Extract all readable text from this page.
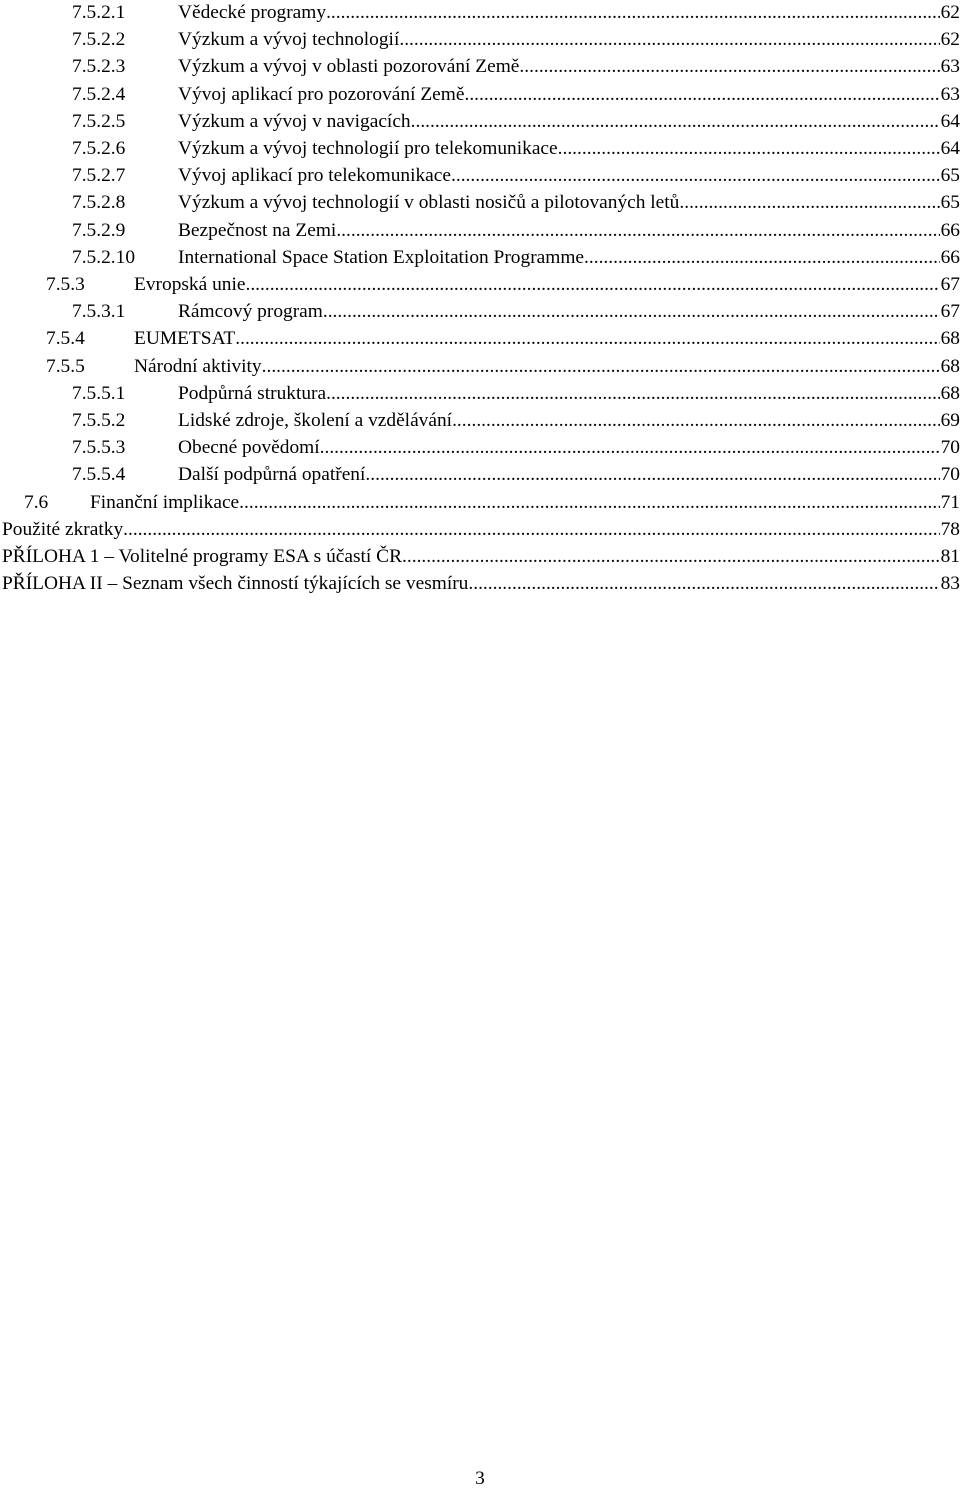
7.5.2.1	Vědecké programy .....	62
7.5.2.2	Výzkum a vývoj technologií .....	62
7.5.2.3	Výzkum a vývoj v oblasti pozorování Země .....	63
7.5.2.4	Vývoj aplikací pro pozorování Země .....	63
7.5.2.5	Výzkum a vývoj v navigacích .....	64
7.5.2.6	Výzkum a vývoj technologií pro telekomunikace .....	64
7.5.2.7	Vývoj aplikací pro telekomunikace .....	65
7.5.2.8	Výzkum a vývoj technologií v oblasti nosičů a pilotovaných letů .....	65
7.5.2.9	Bezpečnost na Zemi .....	66
7.5.2.10 International Space Station Exploitation Programme .....	66
7.5.3	Evropská unie .....	67
7.5.3.1	Rámcový program .....	67
7.5.4	EUMETSAT .....	68
7.5.5	Národní aktivity .....	68
7.5.5.1	Podpůrná struktura .....	68
7.5.5.2	Lidské zdroje, školení a vzdělávání .....	69
7.5.5.3	Obecné povědomí .....	70
7.5.5.4	Další podpůrná opatření .....	70
7.6 Finanční implikace .....	71
Použité zkratky .....	78
PŘÍLOHA 1 – Volitelné programy ESA s účastí ČR .....	81
PŘÍLOHA II – Seznam všech činností týkajících se vesmíru .....	83
3
